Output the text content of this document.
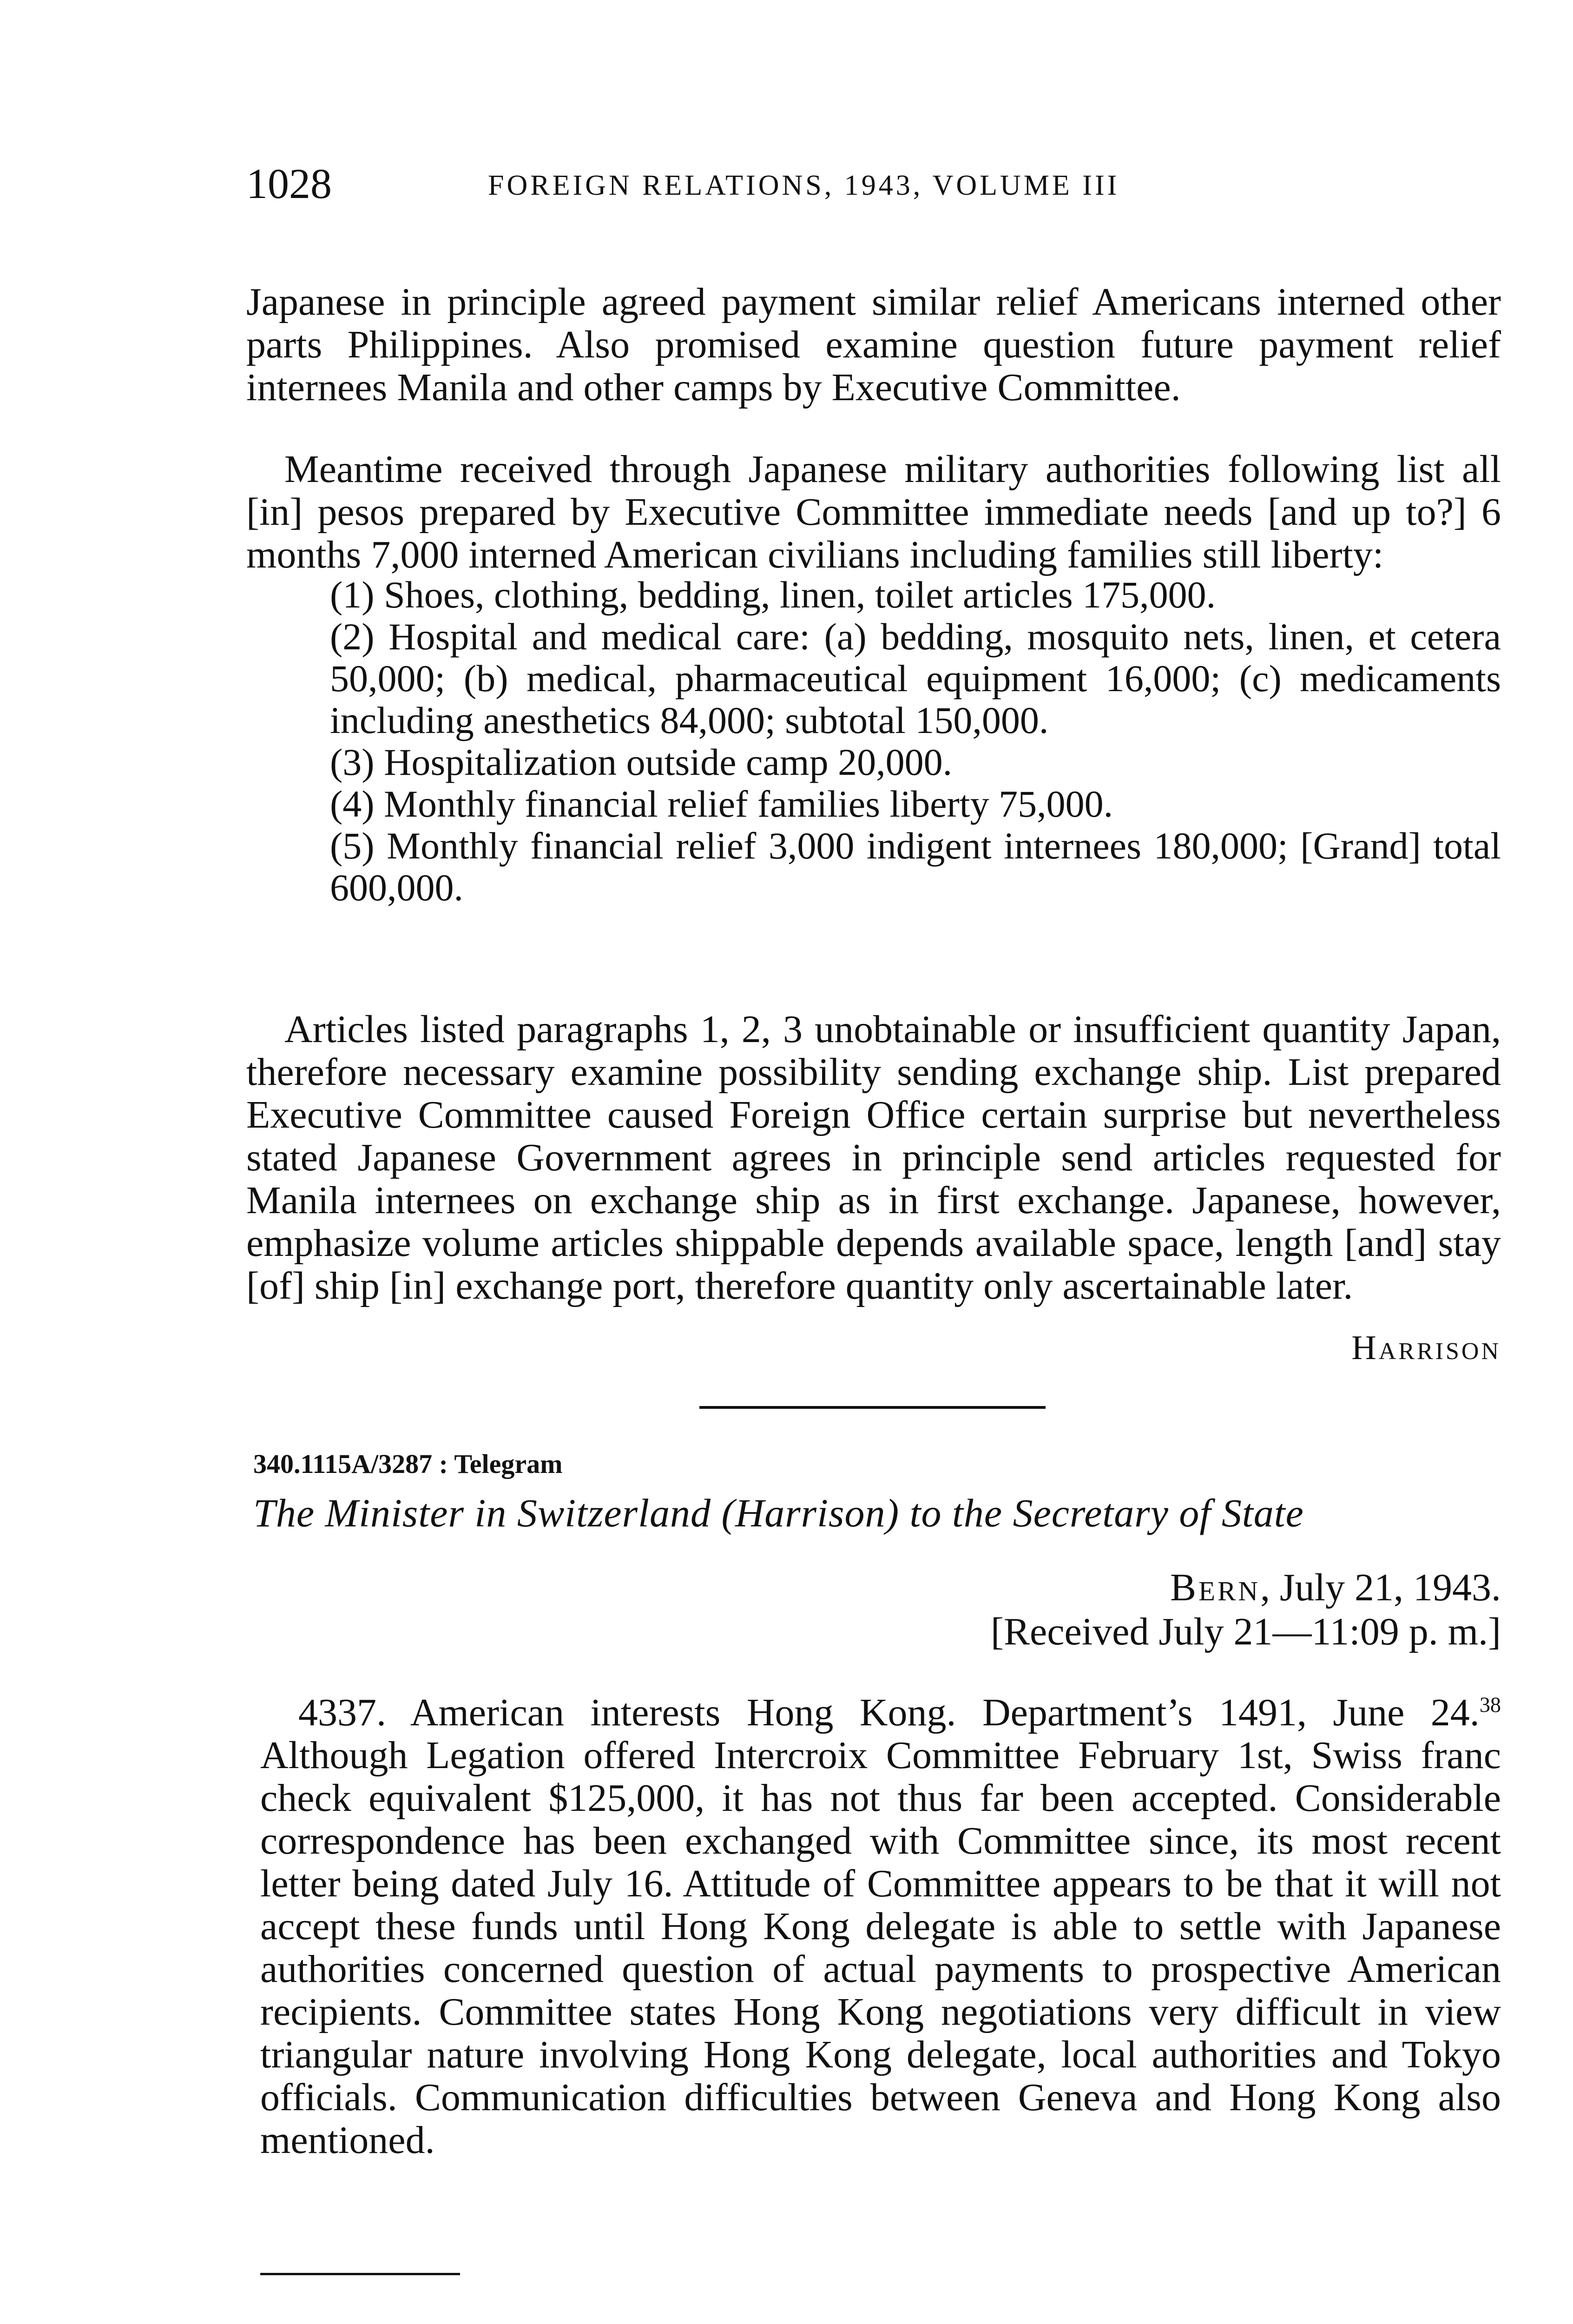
1028	FOREIGN RELATIONS, 1943, VOLUME III

Japanese in principle agreed payment similar relief Americans interned other parts Philippines. Also promised examine question future payment relief internees Manila and other camps by Executive Committee.

Meantime received through Japanese military authorities following list all [in] pesos prepared by Executive Committee immediate needs [and up to?] 6 months 7,000 interned American civilians including families still liberty:

(1) Shoes, clothing, bedding, linen, toilet articles 175,000.

(2) Hospital and medical care: (a) bedding, mosquito nets, linen, et cetera 50,000; (b) medical, pharmaceutical equipment 16,000; (c) medicaments including anesthetics 84,000; subtotal 150,000.

(3) Hospitalization outside camp 20,000.

(4) Monthly financial relief families liberty 75,000.

(5) Monthly financial relief 3,000 indigent internees 180,000; [Grand] total 600,000.

Articles listed paragraphs 1, 2, 3 unobtainable or insufficient quantity Japan, therefore necessary examine possibility sending exchange ship. List prepared Executive Committee caused Foreign Office certain surprise but nevertheless stated Japanese Government agrees in principle send articles requested for Manila internees on exchange ship as in first exchange. Japanese, however, emphasize volume articles shippable depends available space, length [and] stay [of] ship [in] exchange port, therefore quantity only ascertainable later.

Harrison
340.1115A/3287 : Telegram
The Minister in Switzerland (Harrison) to the Secretary of State
Bern, July 21, 1943.
[Received July 21—11:09 p. m.]

4337. American interests Hong Kong. Department’s 1491, June 24.38 Although Legation offered Intercroix Committee February 1st, Swiss franc check equivalent $125,000, it has not thus far been accepted. Considerable correspondence has been exchanged with Committee since, its most recent letter being dated July 16. Attitude of Committee appears to be that it will not accept these funds until Hong Kong delegate is able to settle with Japanese authorities concerned question of actual payments to prospective American recipients. Committee states Hong Kong negotiations very difficult in view triangular nature involving Hong Kong delegate, local authorities and Tokyo officials. Communication difficulties between Geneva and Hong Kong also mentioned.
